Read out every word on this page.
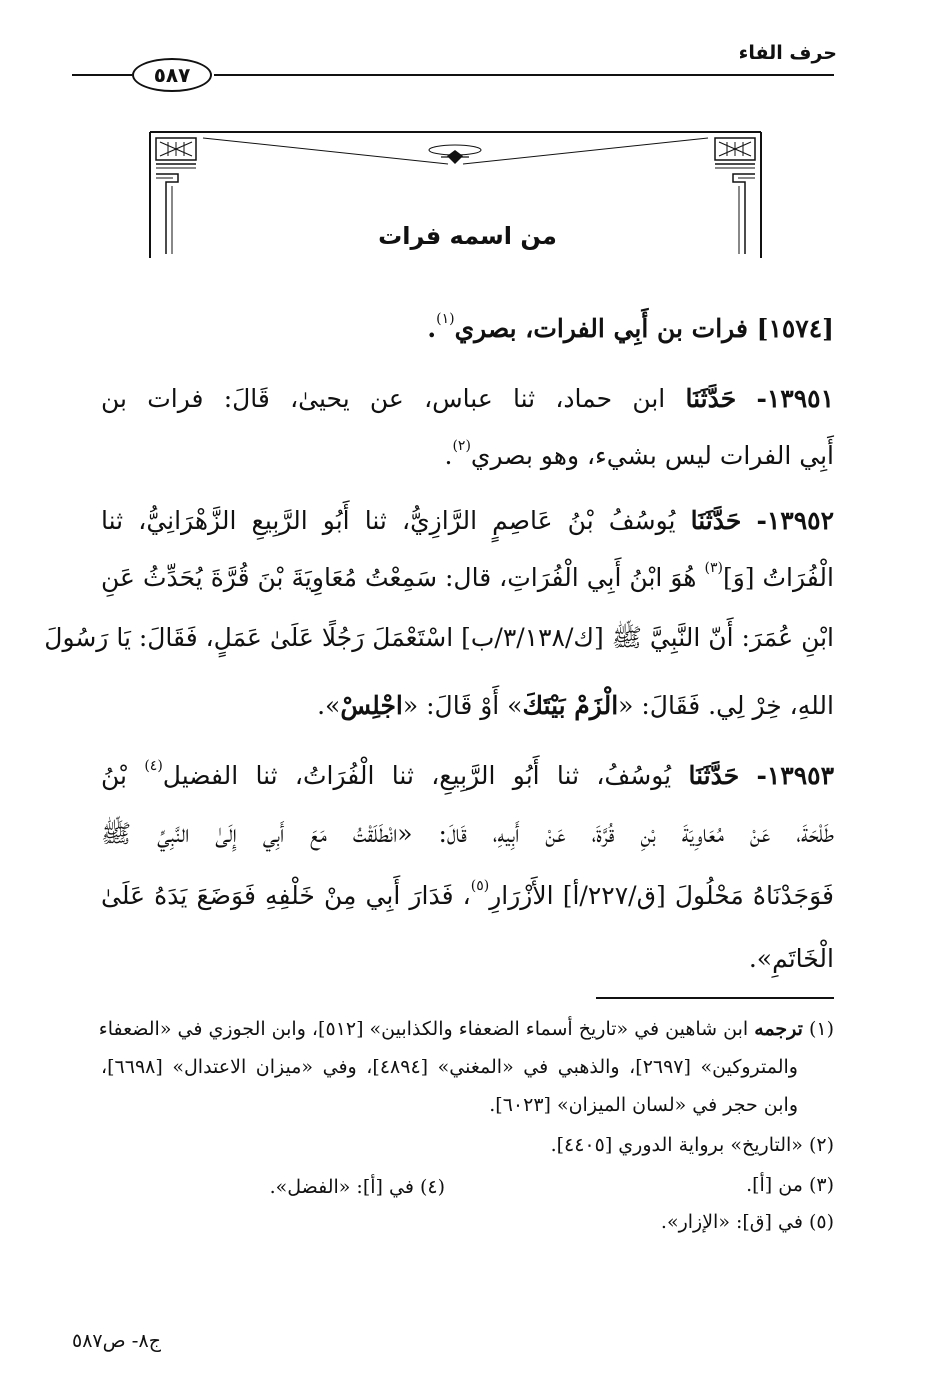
حرف الفاء
٥٨٧
من اسمه فرات
[١٥٧٤] فرات بن أَبِي الفرات، بصري$^{(١)}$.
١٣٩٥١- حَدَّثَنَا ابن حماد، ثنا عباس، عن يحيىٰ، قَالَ: فرات بن
أَبِي الفرات ليس بشيء، وهو بصري$^{(٢)}$.
١٣٩٥٢- حَدَّثَنَا يُوسُفُ بْنُ عَاصِمٍ الرَّازِيُّ، ثنا أَبُو الرَّبِيعِ الزَّهْرَانِيُّ، ثنا
الْفُرَاتُ [وَ]$^{(٣)}$ هُوَ ابْنُ أَبِي الْفُرَاتِ، قال: سَمِعْتُ مُعَاوِيَةَ بْنَ قُرَّةَ يُحَدِّثُ عَنِ
ابْنِ عُمَرَ: أَنّ النَّبِيَّ ﷺ [ك/٣/١٣٨/ب] اسْتَعْمَلَ رَجُلًا عَلَىٰ عَمَلٍ، فَقَالَ: يَا رَسُولَ
اللهِ، خِرْ لِي. فَقَالَ: «الْزَمْ بَيْتَكَ» أَوْ قَالَ: «اجْلِسْ».
١٣٩٥٣- حَدَّثَنَا يُوسُفُ، ثنا أَبُو الرَّبِيعِ، ثنا الْفُرَاتُ، ثنا الفضيل$^{(٤)}$ بْنُ
طَلْحَةَ، عَنْ مُعَاوِيَةَ بْنِ قُرَّةَ، عَنْ أَبِيهِ، قَالَ: «انْطَلَقْتُ مَعَ أَبِي إِلَىٰ النَّبِيِّ ﷺ
فَوَجَدْنَاهُ مَحْلُولَ [ق/٢٢٧/أ] الأَزْرَارِ$^{(٥)}$، فَدَارَ أَبِي مِنْ خَلْفِهِ فَوَضَعَ يَدَهُ عَلَىٰ
الْخَاتَمِ».
(١) ترجمه ابن شاهين في «تاريخ أسماء الضعفاء والكذابين» [٥١٢]، وابن الجوزي في «الضعفاء
والمتروكين» [٢٦٩٧]، والذهبي في «المغني» [٤٨٩٤]، وفي «ميزان الاعتدال» [٦٦٩٨]،
وابن حجر في «لسان الميزان» [٦٠٢٣].
(٢) «التاريخ» برواية الدوري [٤٤٠٥].
(٣) من [أ].
(٤) في [أ]: «الفضل».
(٥) في [ق]: «الإزار».
ج٨- ص٥٨٧
